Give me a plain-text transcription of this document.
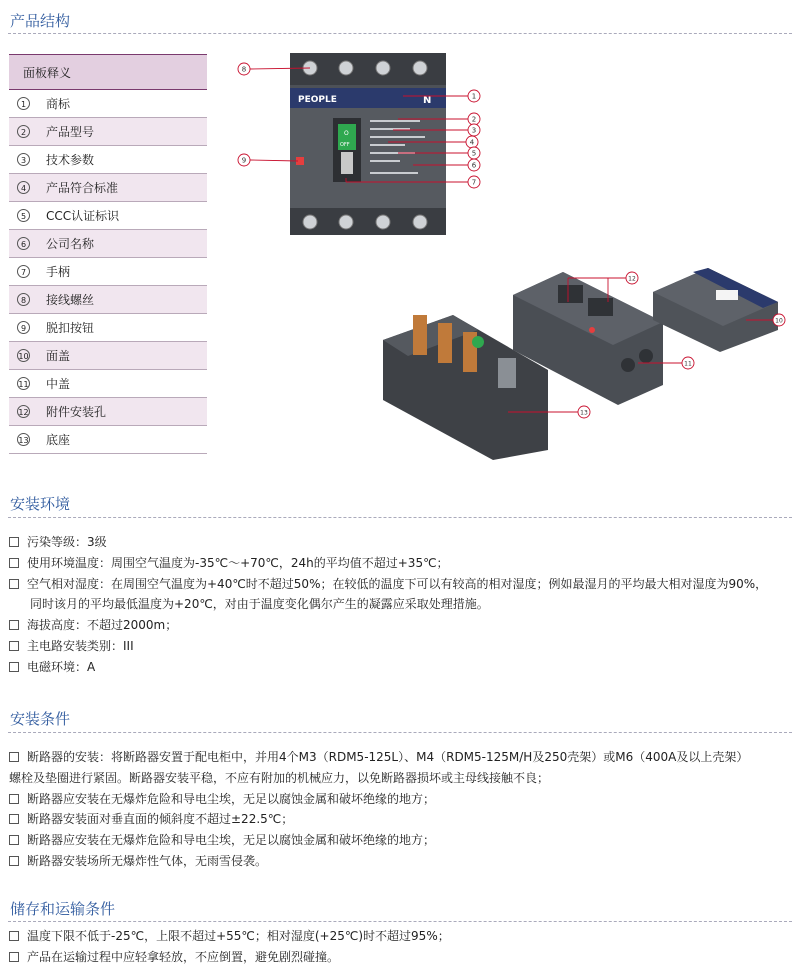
产品结构
面板释义
1	商标
2	产品型号
3	技术参数
4	产品符合标准
5	CCC认证标识
6	公司名称
7	手柄
8	接线螺丝
9	脱扣按钮
10 面盖
11 中盖
12 附件安装孔
13 底座
PEOPLE	N
O
OFF
8
1
2
3
4
5
6
7
9
12
10
11
13
安装环境
污染等级：3级
使用环境温度：周围空气温度为-35℃～+70℃，24h的平均值不超过+35℃；
空气相对湿度：在周围空气温度为+40℃时不超过50%；在较低的温度下可以有较高的相对湿度；例如最湿月的平均最大相对湿度为90%，
同时该月的平均最低温度为+20℃，对由于温度变化偶尔产生的凝露应采取处理措施。
海拔高度：不超过2000m；
主电路安装类别：III
电磁环境：A
安装条件
断路器的安装：将断路器安置于配电柜中，并用4个M3（RDM5-125L）、M4（RDM5-125M/H及250壳架）或M6（400A及以上壳架）
螺栓及垫圈进行紧固。断路器安装平稳，不应有附加的机械应力，以免断路器损坏或主母线接触不良；
断路器应安装在无爆炸危险和导电尘埃，无足以腐蚀金属和破坏绝缘的地方；
断路器安装面对垂直面的倾斜度不超过±22.5℃；
断路器应安装在无爆炸危险和导电尘埃，无足以腐蚀金属和破坏绝缘的地方；
断路器安装场所无爆炸性气体，无雨雪侵袭。
储存和运输条件
温度下限不低于-25℃，上限不超过+55℃；相对湿度(+25℃)时不超过95%；
产品在运输过程中应轻拿轻放，不应倒置，避免剧烈碰撞。
